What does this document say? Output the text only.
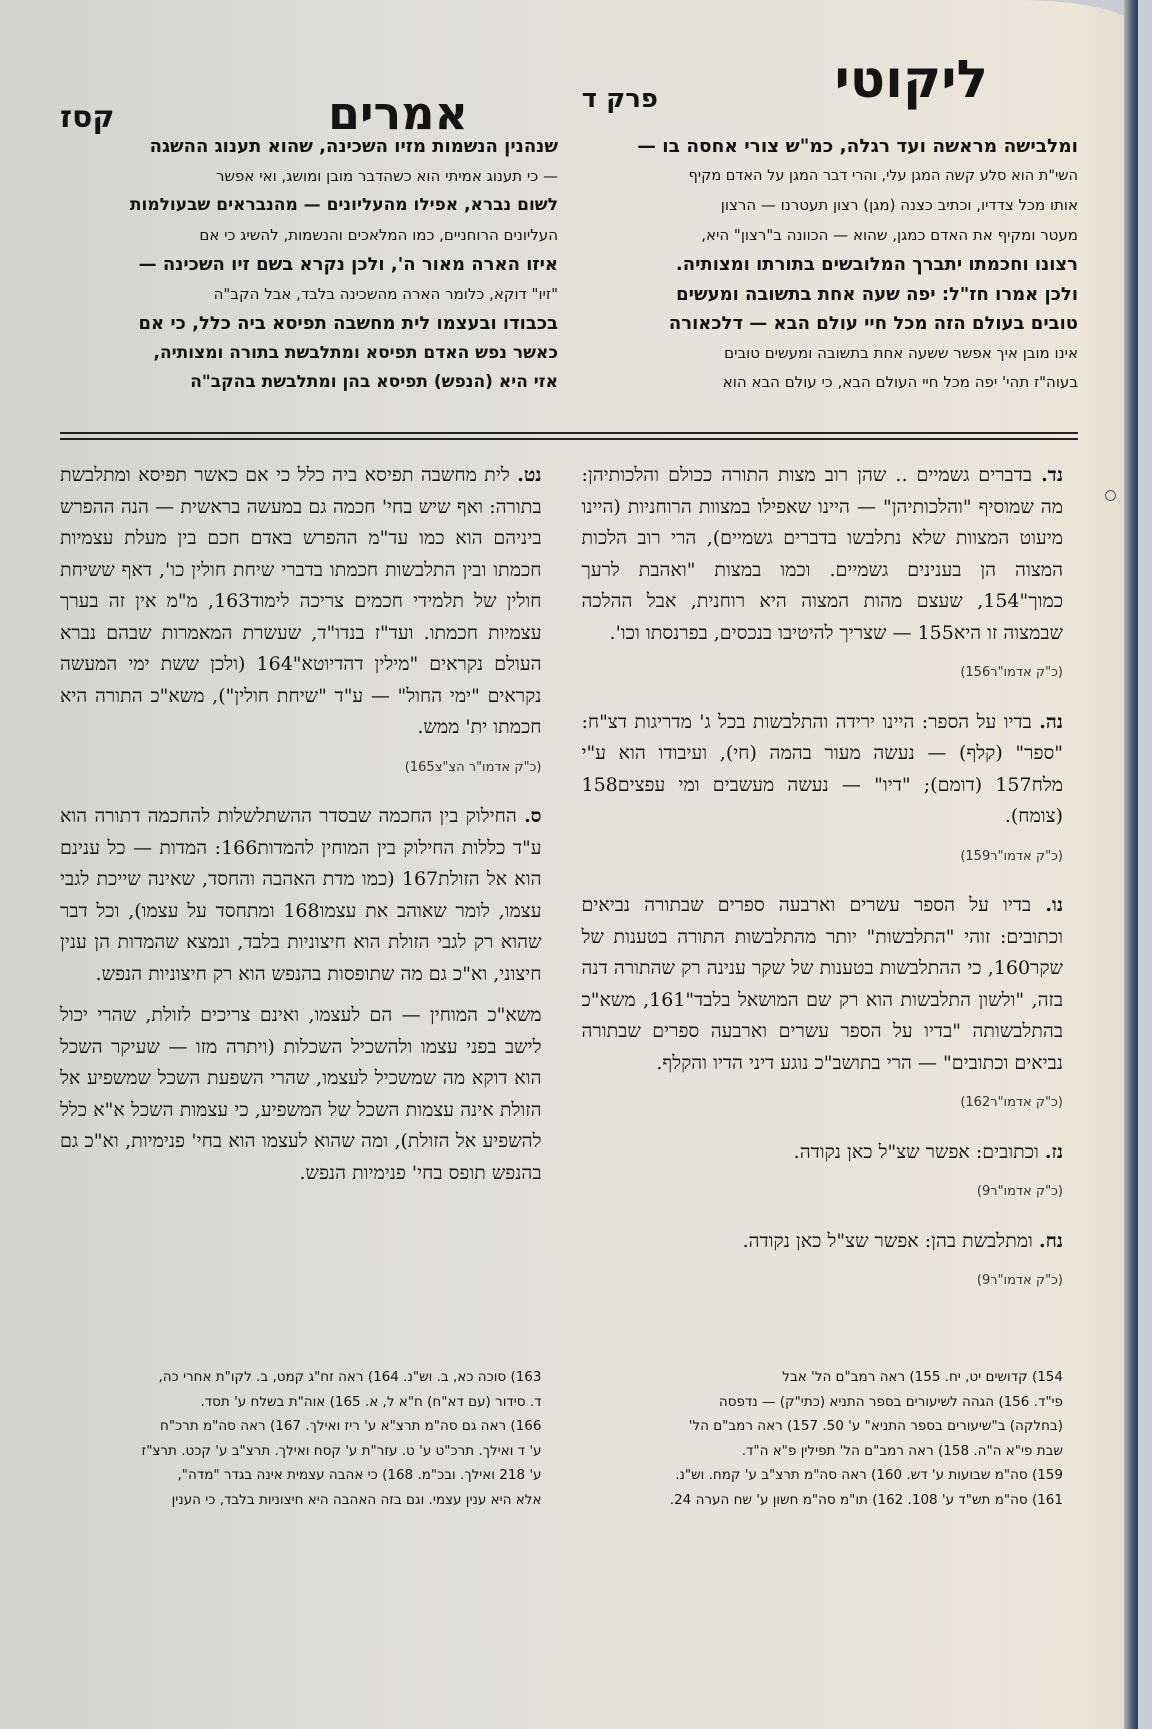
ליקוטי
פרק ד
אמרים
קסז
ומלבישה מראשה ועד רגלה, כמ"ש צורי אחסה בו —
השי"ת הוא סלע קשה המגן עלי, והרי דבר המגן על האדם מקיף
אותו מכל צדדיו, וכתיב כצנה (מגן) רצון תעטרנו — הרצון
מעטר ומקיף את האדם כמגן, שהוא — הכוונה ב"רצון" היא,
רצונו וחכמתו יתברך המלובשים בתורתו ומצותיה.
ולכן אמרו חז"ל: יפה שעה אחת בתשובה ומעשים
טובים בעולם הזה מכל חיי עולם הבא — דלכאורה
אינו מובן איך אפשר ששעה אחת בתשובה ומעשים טובים
בעוה"ז תהי' יפה מכל חיי העולם הבא, כי עולם הבא הוא
שנהנין הנשמות מזיו השכינה, שהוא תענוג ההשגה
— כי תענוג אמיתי הוא כשהדבר מובן ומושג, ואי אפשר
לשום נברא, אפילו מהעליונים — מהנבראים שבעולמות
העליונים הרוחניים, כמו המלאכים והנשמות, להשיג כי אם
איזו הארה מאור ה', ולכן נקרא בשם זיו השכינה —
"זיו" דוקא, כלומר הארה מהשכינה בלבד, אבל הקב"ה
בכבודו ובעצמו לית מחשבה תפיסא ביה כלל, כי אם
כאשר נפש האדם תפיסא ומתלבשת בתורה ומצותיה,
אזי היא (הנפש) תפיסא בהן ומתלבשת בהקב"ה

נד. בדברים גשמיים .. שהן רוב מצות התורה ככולם והלכותיהן: מה שמוסיף "והלכותיהן" — היינו שאפילו במצוות הרוחניות (היינו מיעוט המצוות שלא נתלבשו בדברים גשמיים), הרי רוב הלכות המצוה הן בענינים גשמיים. וכמו במצות "ואהבת לרעך כמוך"154, שעצם מהות המצוה היא רוחנית, אבל ההלכה שבמצוה זו היא155 — שצריך להיטיבו בנכסים, בפרנסתו וכו'.

(כ"ק אדמו"ר156)

נה. בדיו על הספר: היינו ירידה והתלבשות בכל ג' מדריגות דצ"ח: "ספר" (קלף) — נעשה מעור בהמה (חי), ועיבודו הוא ע"י מלח157 (דומם); "דיו" — נעשה מעשבים ומי עפצים158 (צומח).

(כ"ק אדמו"ר159)

נו. בדיו על הספר עשרים וארבעה ספרים שבתורה נביאים וכתובים: זוהי "התלבשות" יותר מהתלבשות התורה בטענות של שקר160, כי ההתלבשות בטענות של שקר ענינה רק שהתורה דנה בזה, "ולשון התלבשות הוא רק שם המושאל בלבד"161, משא"כ בהתלבשותה "בדיו על הספר עשרים וארבעה ספרים שבתורה נביאים וכתובים" — הרי בתושב"כ נוגע דיני הדיו והקלף.

(כ"ק אדמו"ר162)

נז. וכתובים: אפשר שצ"ל כאן נקודה.

(כ"ק אדמו"ר9)

נח. ומתלבשת בהן: אפשר שצ"ל כאן נקודה.

(כ"ק אדמו"ר9)

נט. לית מחשבה תפיסא ביה כלל כי אם כאשר תפיסא ומתלבשת בתורה: ואף שיש בחי' חכמה גם במעשה בראשית — הנה ההפרש ביניהם הוא כמו עד"מ ההפרש באדם חכם בין מעלת עצמיות חכמתו ובין התלבשות חכמתו בדברי שיחת חולין כו', דאף ששיחת חולין של תלמידי חכמים צריכה לימוד163, מ"מ אין זה בערך עצמיות חכמתו. ועד"ז בנדו"ד, שעשרת המאמרות שבהם נברא העולם נקראים "מילין דהדיוטא"164 (ולכן ששת ימי המעשה נקראים "ימי החול" — ע"ד "שיחת חולין"), משא"כ התורה היא חכמתו ית' ממש.

(כ"ק אדמו"ר הצ"צ165)

ס. החילוק בין החכמה שבסדר ההשתלשלות להחכמה דתורה הוא ע"ד כללות החילוק בין המוחין להמדות166: המדות — כל ענינם הוא אל הזולת167 (כמו מדת האהבה והחסד, שאינה שייכת לגבי עצמו, לומר שאוהב את עצמו168 ומתחסד על עצמו), וכל דבר שהוא רק לגבי הזולת הוא חיצוניות בלבד, ונמצא שהמדות הן ענין חיצוני, וא"כ גם מה שתופסות בהנפש הוא רק חיצוניות הנפש.

משא"כ המוחין — הם לעצמו, ואינם צריכים לזולת, שהרי יכול לישב בפני עצמו ולהשכיל השכלות (ויתרה מזו — שעיקר השכל הוא דוקא מה שמשכיל לעצמו, שהרי השפעת השכל שמשפיע אל הזולת אינה עצמות השכל של המשפיע, כי עצמות השכל א"א כלל להשפיע אל הזולת), ומה שהוא לעצמו הוא בחי' פנימיות, וא"כ גם בהנפש תופס בחי' פנימיות הנפש.

154) קדושים יט, יח. 155) ראה רמב"ם הל' אבל

פי"ד. 156) הגהה לשיעורים בספר התניא (כתי"ק) — נדפסה

(בחלקה) ב"שיעורים בספר התניא" ע' 50. 157) ראה רמב"ם הל'

שבת פי"א ה"ה. 158) ראה רמב"ם הל' תפילין פ"א ה"ד.

159) סה"מ שבועות ע' דש. 160) ראה סה"מ תרצ"ב ע' קמח. וש"נ.

161) סה"מ תש"ד ע' 108. 162) תו"מ סה"מ חשון ע' שח הערה 24.

163) סוכה כא, ב. וש"נ. 164) ראה זח"ג קמט, ב. לקו"ת אחרי כה,

ד. סידור (עם דא"ח) ח"א ל, א. 165) אוה"ת בשלח ע' תסד.

166) ראה גם סה"מ תרצ"א ע' ריז ואילך. 167) ראה סה"מ תרכ"ח

ע' ד ואילך. תרכ"ט ע' ט. עזר"ת ע' קסח ואילך. תרצ"ב ע' קכט. תרצ"ז

ע' 218 ואילך. ובכ"מ. 168) כי אהבה עצמית אינה בגדר "מדה",

אלא היא ענין עצמי. וגם בזה האהבה היא חיצוניות בלבד, כי הענין
